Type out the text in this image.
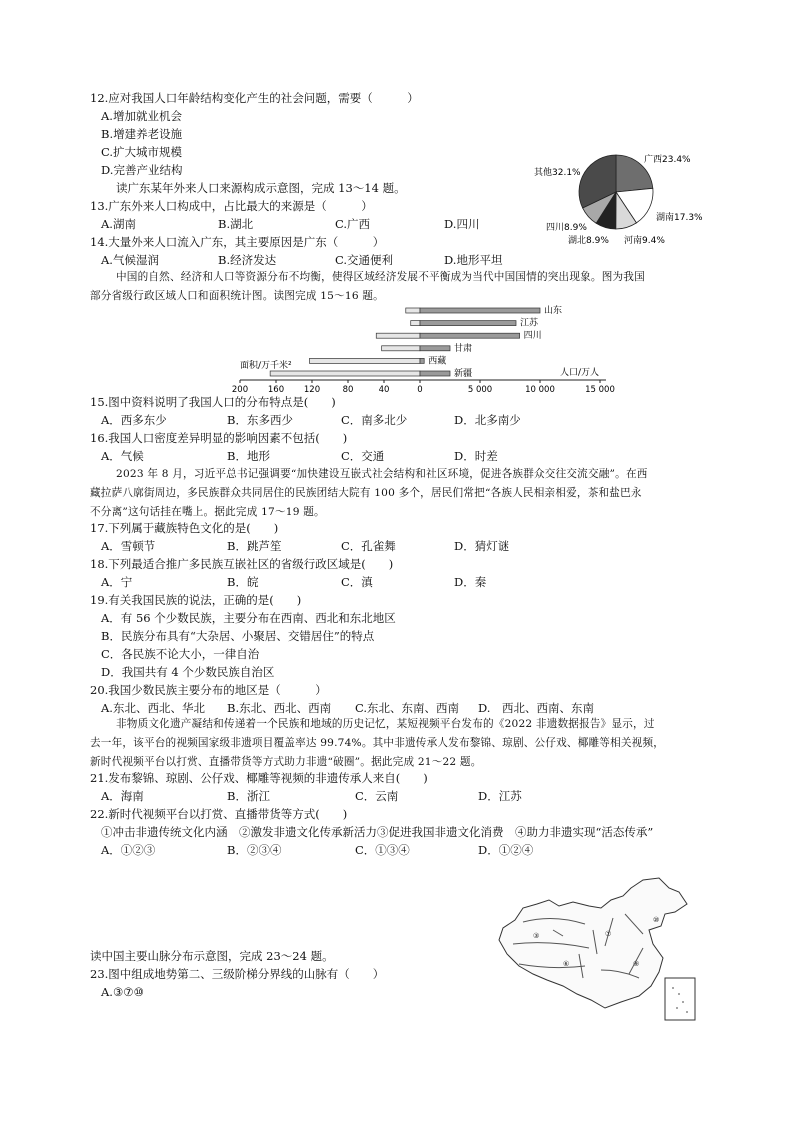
12.应对我国人口年龄结构变化产生的社会问题，需要（　　　）
A.增加就业机会
B.增建养老设施
C.扩大城市规模
D.完善产业结构
读广东某年外来人口来源构成示意图，完成 13～14 题。
广西23.4%
湖南17.3%
河南9.4%
湖北8.9%
四川8.9%
其他32.1%
13.广东外来人口构成中，占比最大的来源是（　　　）
A.湖南	B.湖北	C.广西	D.四川
14.大量外来人口流入广东，其主要原因是广东（　　　）
A.气候湿润	B.经济发达	C.交通便利	D.地形平坦
中国的自然、经济和人口等资源分布不均衡，使得区域经济发展不平衡成为当代中国国情的突出现象。图为我国
部分省级行政区域人口和面积统计图。读图完成 15～16 题。
山东
江苏
四川
甘肃
西藏
新疆
200 160 120	80	40	0	5 000	10 000	15 000
面积/万千米²
人口/万人
15.图中资料说明了我国人口的分布特点是(　　)
A．西多东少	B．东多西少	C．南多北少	D．北多南少
16.我国人口密度差异明显的影响因素不包括(　　)
A．气候	B．地形	C．交通	D．时差
2023 年 8 月，习近平总书记强调要“加快建设互嵌式社会结构和社区环境，促进各族群众交往交流交融”。在西
藏拉萨八廓街周边，多民族群众共同居住的民族团结大院有 100 多个，居民们常把“各族人民相亲相爱，茶和盐巴永
不分离”这句话挂在嘴上。据此完成 17～19 题。
17.下列属于藏族特色文化的是(　　)
A．雪顿节	B．跳芦笙	C．孔雀舞	D．猜灯谜
18.下列最适合推广多民族互嵌社区的省级行政区域是(　　)
A．宁	B．皖	C．滇	D．秦
19.有关我国民族的说法，正确的是(　　)
A．有 56 个少数民族，主要分布在西南、西北和东北地区
B．民族分布具有“大杂居、小聚居、交错居住”的特点
C．各民族不论大小，一律自治
D．我国共有 4 个少数民族自治区
20.我国少数民族主要分布的地区是（　　　）
A.东北、西北、华北 B.东北、西北、西南 C.东北、东南、西南 D.　西北、西南、东南
非物质文化遗产凝结和传递着一个民族和地域的历史记忆，某短视频平台发布的《2022 非遗数据报告》显示，过
去一年，该平台的视频国家级非遗项目覆盖率达 99.74%。其中非遗传承人发布黎锦、琼剧、公仔戏、椰雕等相关视频，
新时代视频平台以打赏、直播带货等方式助力非遗“破圈”。据此完成 21～22 题。
21.发布黎锦、琼剧、公仔戏、椰雕等视频的非遗传承人来自(　　)
A．海南	B．浙江	C．云南	D．江苏
22.新时代视频平台以打赏、直播带货等方式(　　)
①冲击非遗传统文化内涵　②激发非遗文化传承新活力③促进我国非遗文化消费　④助力非遗实现“活态传承”
A．①②③	B．②③④	C．①③④	D．①②④
③
⑥
⑦
⑨
⑩
读中国主要山脉分布示意图，完成 23～24 题。
23.图中组成地势第二、三级阶梯分界线的山脉有（　　）
A.③⑦⑩
